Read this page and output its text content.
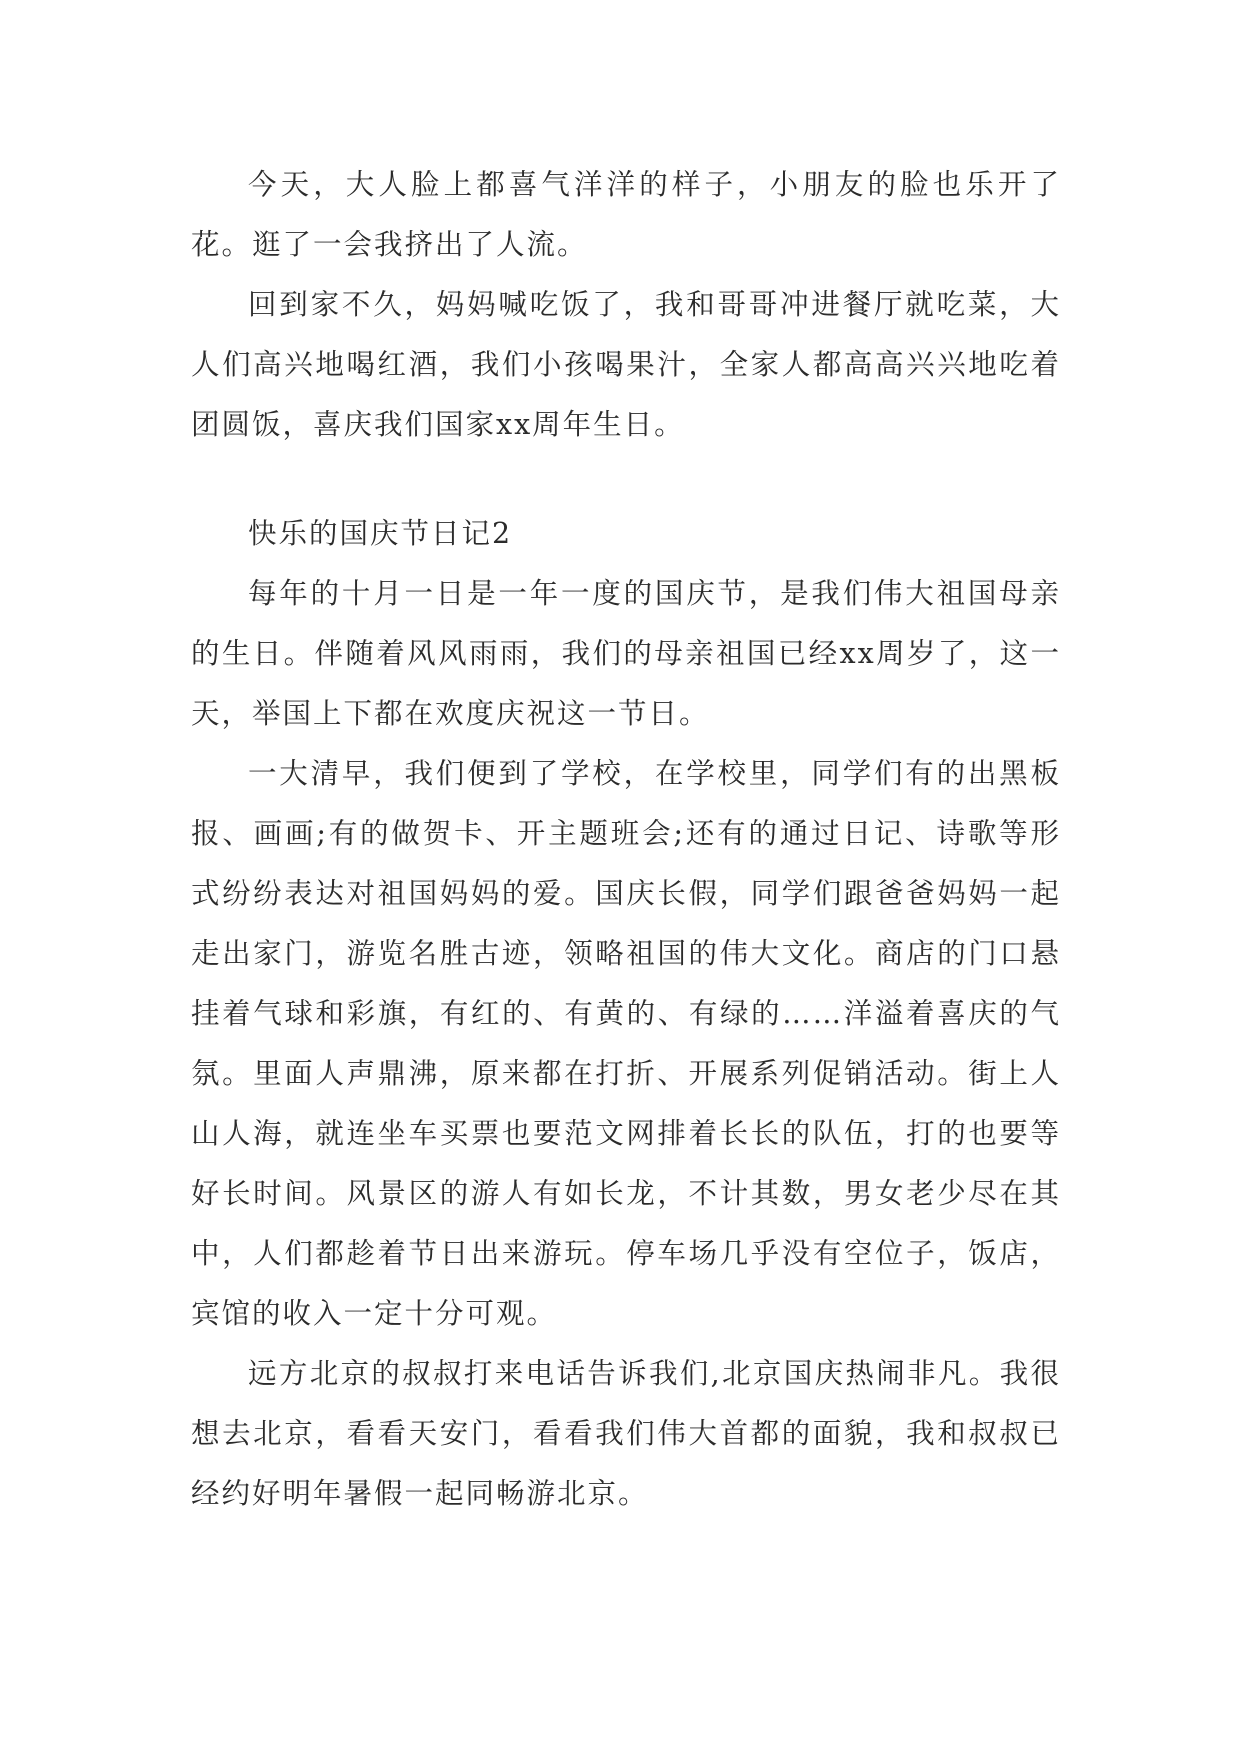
今天，大人脸上都喜气洋洋的样子，小朋友的脸也乐开了花。逛了一会我挤出了人流。

回到家不久，妈妈喊吃饭了，我和哥哥冲进餐厅就吃菜，大人们高兴地喝红酒，我们小孩喝果汁，全家人都高高兴兴地吃着团圆饭，喜庆我们国家xx周年生日。

快乐的国庆节日记2

每年的十月一日是一年一度的国庆节，是我们伟大祖国母亲的生日。伴随着风风雨雨，我们的母亲祖国已经xx周岁了，这一天，举国上下都在欢度庆祝这一节日。

一大清早，我们便到了学校，在学校里，同学们有的出黑板报、画画;有的做贺卡、开主题班会;还有的通过日记、诗歌等形式纷纷表达对祖国妈妈的爱。国庆长假，同学们跟爸爸妈妈一起走出家门，游览名胜古迹，领略祖国的伟大文化。商店的门口悬挂着气球和彩旗，有红的、有黄的、有绿的……洋溢着喜庆的气氛。里面人声鼎沸，原来都在打折、开展系列促销活动。街上人山人海，就连坐车买票也要范文网排着长长的队伍，打的也要等好长时间。风景区的游人有如长龙，不计其数，男女老少尽在其中，人们都趁着节日出来游玩。停车场几乎没有空位子，饭店，宾馆的收入一定十分可观。

远方北京的叔叔打来电话告诉我们,北京国庆热闹非凡。我很想去北京，看看天安门，看看我们伟大首都的面貌，我和叔叔已经约好明年暑假一起同畅游北京。
